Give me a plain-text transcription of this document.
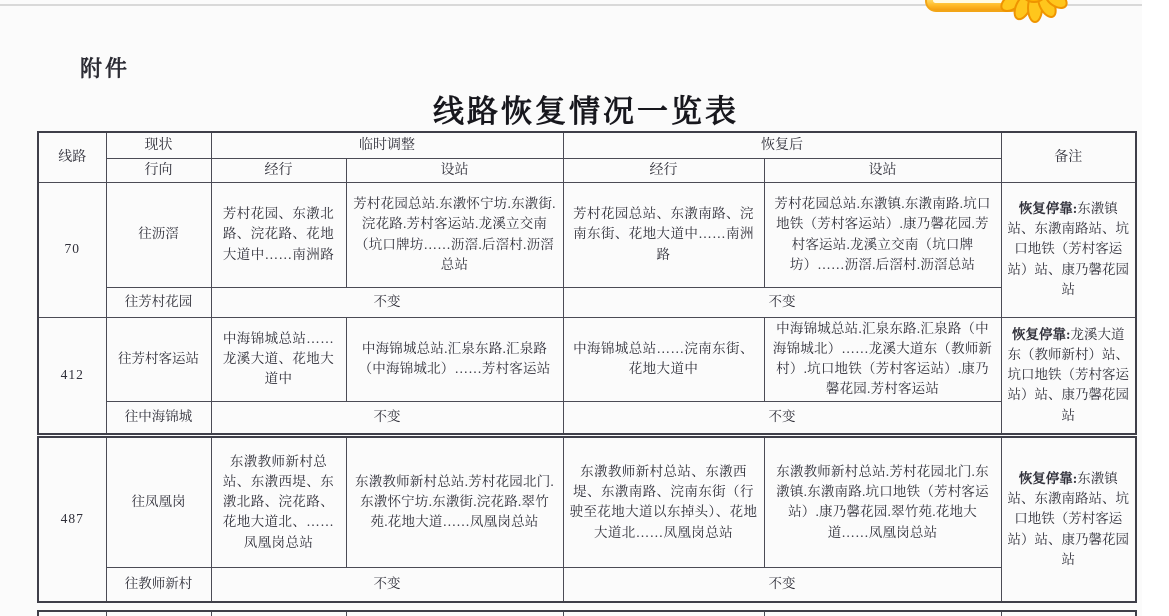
附件
线路恢复情况一览表
线路	现状	临时调整		恢复后		备注
	行向	经行	设站	经行	设站	
70	往沥滘	芳村花园、东漖北路、浣花路、花地大道中……南洲路	芳村花园总站.东漖怀宁坊.东漖街.浣花路.芳村客运站.龙溪立交南（坑口牌坊……沥滘.后滘村.沥滘总站	芳村花园总站、东漖南路、浣南东街、花地大道中……南洲路	芳村花园总站.东漖镇.东漖南路.坑口地铁（芳村客运站）.康乃馨花园.芳村客运站.龙溪立交南（坑口牌坊）……沥滘.后滘村.沥滘总站	恢复停靠:东漖镇站、东漖南路站、坑口地铁（芳村客运站）站、康乃馨花园站
	往芳村花园	不变		不变		
412	往芳村客运站	中海锦城总站……龙溪大道、花地大道中	中海锦城总站.汇泉东路.汇泉路（中海锦城北）……芳村客运站	中海锦城总站……浣南东街、花地大道中	中海锦城总站.汇泉东路.汇泉路（中海锦城北）……龙溪大道东（教师新村）.坑口地铁（芳村客运站）.康乃馨花园.芳村客运站	恢复停靠:龙溪大道东（教师新村）站、坑口地铁（芳村客运站）站、康乃馨花园站
	往中海锦城	不变		不变		
487	往凤凰岗	东漖教师新村总站、东漖西堤、东漖北路、浣花路、花地大道北、……凤凰岗总站	东漖教师新村总站.芳村花园北门.东漖怀宁坊.东漖街.浣花路.翠竹苑.花地大道……凤凰岗总站	东漖教师新村总站、东漖西堤、东漖南路、浣南东街（行驶至花地大道以东掉头）、花地大道北……凤凰岗总站	东漖教师新村总站.芳村花园北门.东漖镇.东漖南路.坑口地铁（芳村客运站）.康乃馨花园.翠竹苑.花地大道……凤凰岗总站	恢复停靠:东漖镇站、东漖南路站、坑口地铁（芳村客运站）站、康乃馨花园站
	往教师新村	不变		不变		
